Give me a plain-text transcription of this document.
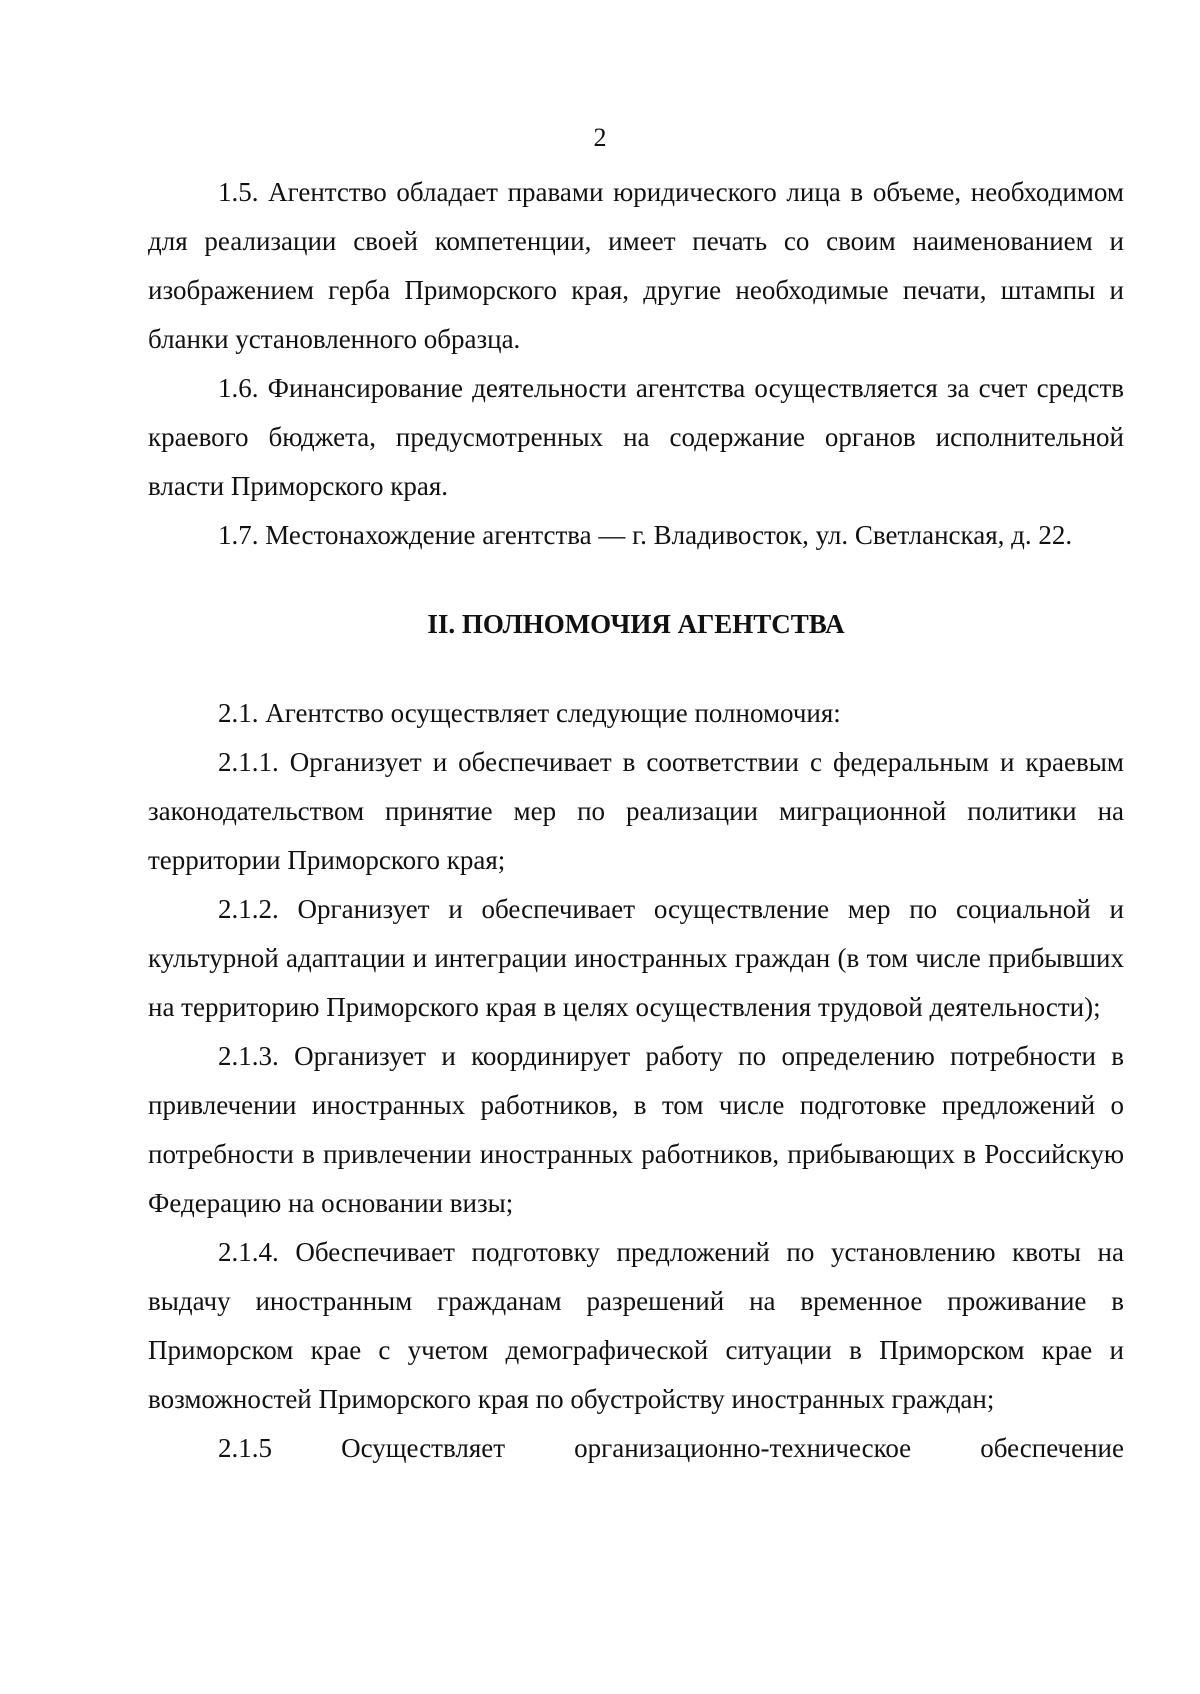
2

1.5. Агентство обладает правами юридического лица в объеме, необходимом для реализации своей компетенции, имеет печать со своим наименованием и изображением герба Приморского края, другие необходимые печати, штампы и бланки установленного образца.

1.6. Финансирование деятельности агентства осуществляется за счет средств краевого бюджета, предусмотренных на содержание органов исполнительной власти Приморского края.

1.7. Местонахождение агентства — г. Владивосток, ул. Светланская, д. 22.

II. ПОЛНОМОЧИЯ АГЕНТСТВА

2.1. Агентство осуществляет следующие полномочия:

2.1.1. Организует и обеспечивает в соответствии с федеральным и краевым законодательством принятие мер по реализации миграционной политики на территории Приморского края;

2.1.2. Организует и обеспечивает осуществление мер по социальной и культурной адаптации и интеграции иностранных граждан (в том числе прибывших на территорию Приморского края в целях осуществления трудовой деятельности);

2.1.3. Организует и координирует работу по определению потребности в привлечении иностранных работников, в том числе подготовке предложений о потребности в привлечении иностранных работников, прибывающих в Российскую Федерацию на основании визы;

2.1.4. Обеспечивает подготовку предложений по установлению квоты на выдачу иностранным гражданам разрешений на временное проживание в Приморском крае с учетом демографической ситуации в Приморском крае и возможностей Приморского края по обустройству иностранных граждан;

2.1.5 Осуществляет организационно-техническое обеспечение
